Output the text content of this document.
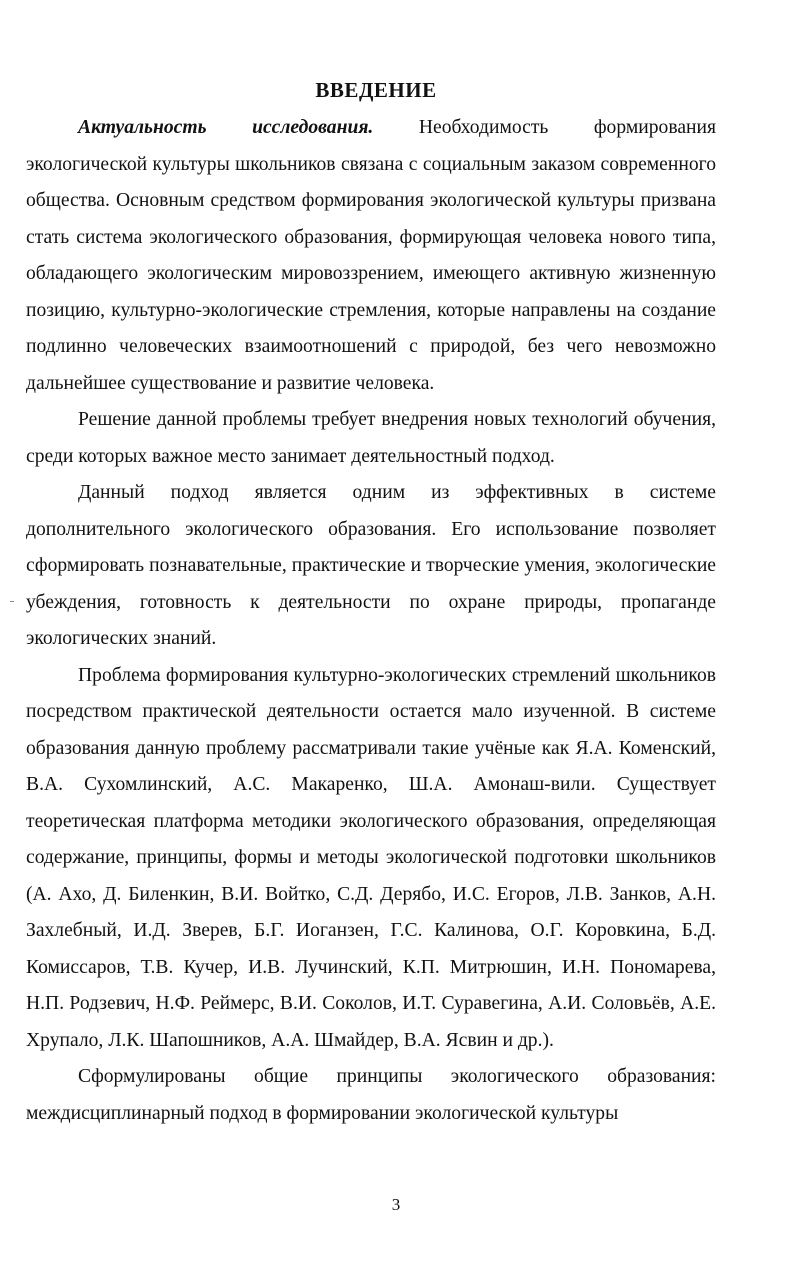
ВВЕДЕНИЕ

Актуальность исследования. Необходимость формирования экологической культуры школьников связана с социальным заказом современного общества. Основным средством формирования экологической культуры призвана стать система экологического образования, формирующая человека нового типа, обладающего экологическим мировоззрением, имеющего активную жизненную позицию, культурно-экологические стремления, которые направлены на создание подлинно человеческих взаимоотношений с природой, без чего невозможно дальнейшее существование и развитие человека.

Решение данной проблемы требует внедрения новых технологий обучения, среди которых важное место занимает деятельностный подход.

Данный подход является одним из эффективных в системе дополнительного экологического образования. Его использование позволяет сформировать познавательные, практические и творческие умения, экологические убеждения, готовность к деятельности по охране природы, пропаганде экологических знаний.

Проблема формирования культурно-экологических стремлений школьников посредством практической деятельности остается мало изученной. В системе образования данную проблему рассматривали такие учёные как Я.А. Коменский, В.А. Сухомлинский, А.С. Макаренко, Ш.А. Амонаш-вили. Существует теоретическая платформа методики экологического образования, определяющая содержание, принципы, формы и методы экологической подготовки школьников (А. Ахо, Д. Биленкин, В.И. Войтко, С.Д. Дерябо, И.С. Егоров, Л.В. Занков, А.Н. Захлебный, И.Д. Зверев, Б.Г. Иоганзен, Г.С. Калинова, О.Г. Коровкина, Б.Д. Комиссаров, Т.В. Кучер, И.В. Лучинский, К.П. Митрюшин, И.Н. Пономарева, Н.П. Родзевич, Н.Ф. Реймерс, В.И. Соколов, И.Т. Суравегина, А.И. Соловьёв, А.Е. Хрупало, Л.К. Шапошников, А.А. Шмайдер, В.А. Ясвин и др.).

Сформулированы общие принципы экологического образования: междисциплинарный подход в формировании экологической культуры

3
